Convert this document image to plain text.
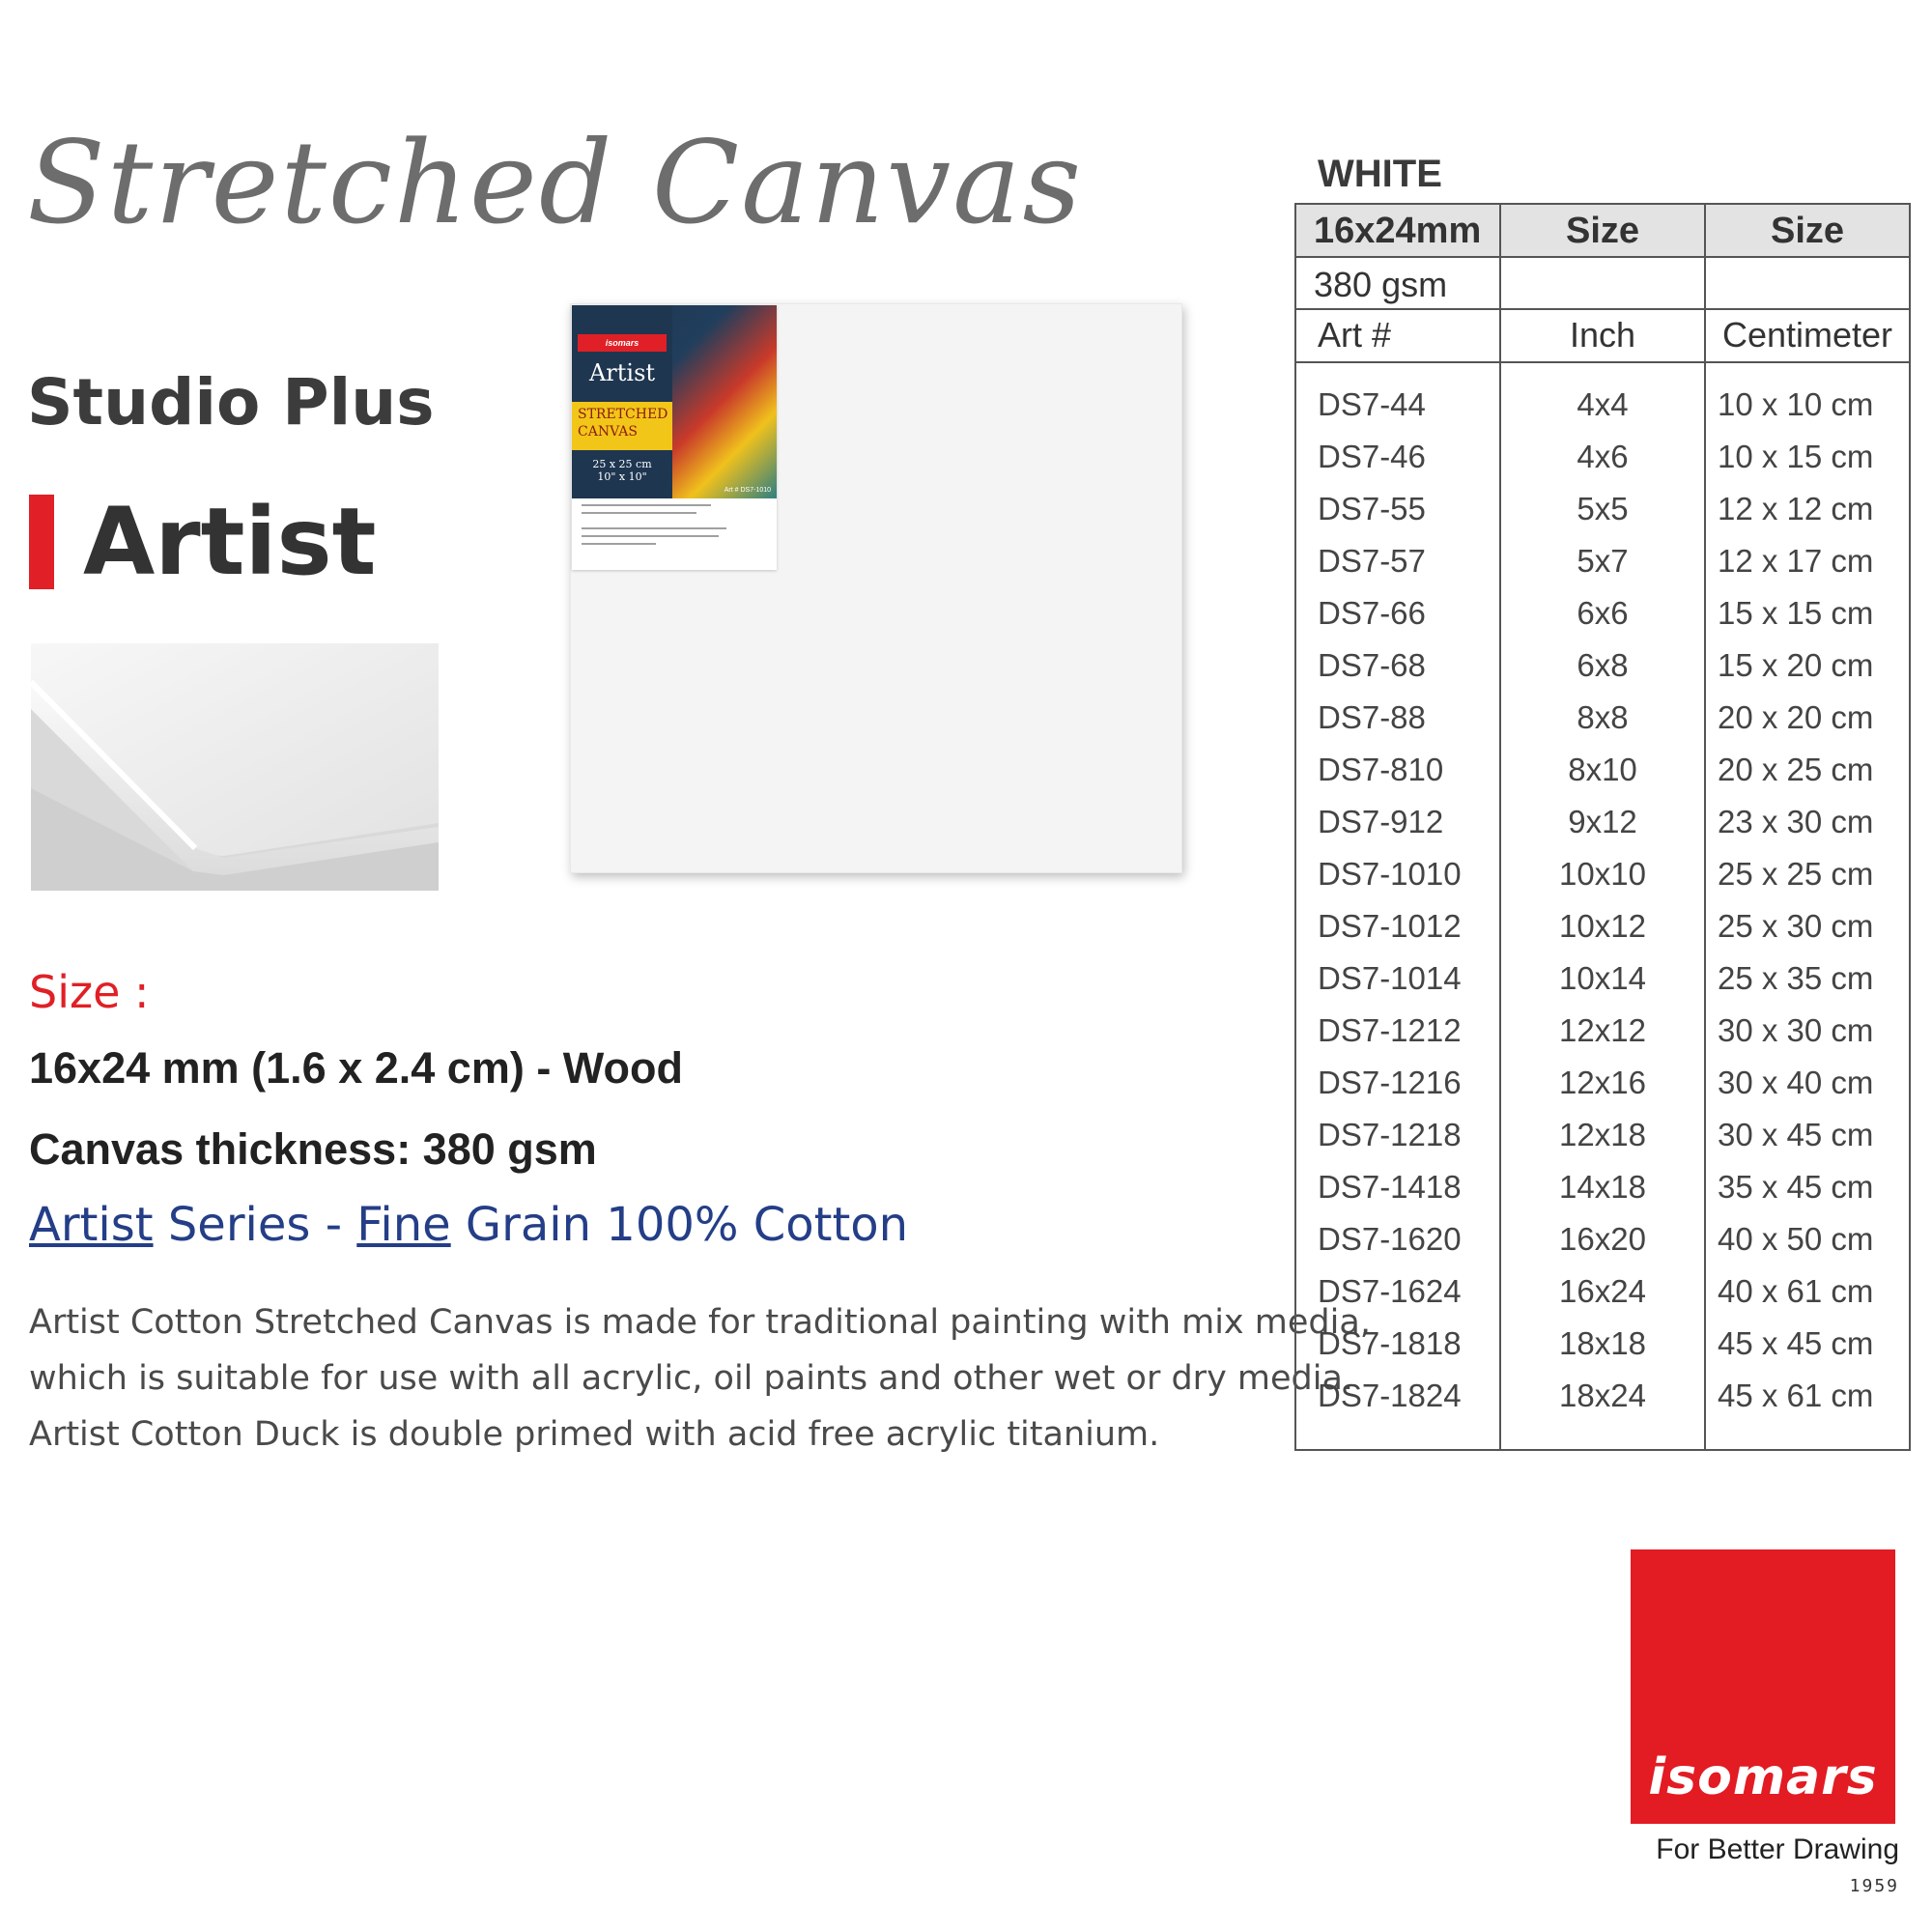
Stretched Canvas
Studio Plus
Artist
isomars
Artist
STRETCHED
CANVAS
25 x 25 cm
10" x 10"
Art # DS7-1010
Size :
16x24 mm (1.6 x 2.4 cm) - Wood
Canvas thickness: 380 gsm
Artist Series - Fine Grain 100% Cotton
Artist Cotton Stretched Canvas is made for traditional painting with mix media,
which is suitable for use with all acrylic, oil paints and other wet or dry media.
Artist Cotton Duck is double primed with acid free acrylic titanium.
WHITE
16x24mm	Size	Size
380 gsm
Art #	Inch	Centimeter
DS7-44	4x4	10 x 10 cm
DS7-46	4x6	10 x 15 cm
DS7-55	5x5	12 x 12 cm
DS7-57	5x7	12 x 17 cm
DS7-66	6x6	15 x 15 cm
DS7-68	6x8	15 x 20 cm
DS7-88	8x8	20 x 20 cm
DS7-810	8x10	20 x 25 cm
DS7-912	9x12	23 x 30 cm
DS7-1010	10x10	25 x 25 cm
DS7-1012	10x12	25 x 30 cm
DS7-1014	10x14	25 x 35 cm
DS7-1212	12x12	30 x 30 cm
DS7-1216	12x16	30 x 40 cm
DS7-1218	12x18	30 x 45 cm
DS7-1418	14x18	35 x 45 cm
DS7-1620	16x20	40 x 50 cm
DS7-1624	16x24	40 x 61 cm
DS7-1818	18x18	45 x 45 cm
DS7-1824	18x24	45 x 61 cm
isomars
For Better Drawing
1959
